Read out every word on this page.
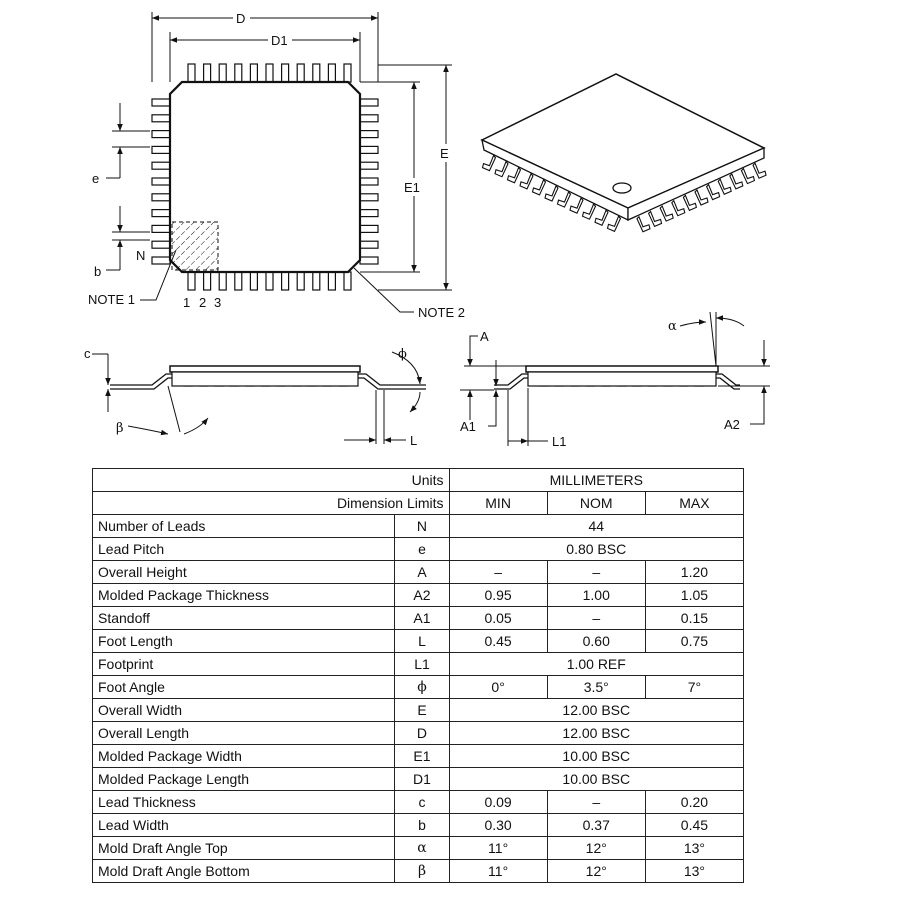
D
D1
E
E1
e
b
N
NOTE 1	1 2 3
NOTE 2
c
β
ϕ
L
A
A1
L1
α
A2
Units		MILLIMETERS		
Dimension Limits		MIN	NOM	MAX
Number of Leads	N	44		
Lead Pitch	e	0.80 BSC		
Overall Height	A	–	–	1.20
Molded Package Thickness	A2	0.95	1.00	1.05
Standoff	A1	0.05	–	0.15
Foot Length	L	0.45	0.60	0.75
Footprint	L1	1.00 REF		
Foot Angle	ϕ	0°	3.5°	7°
Overall Width	E	12.00 BSC		
Overall Length	D	12.00 BSC		
Molded Package Width	E1	10.00 BSC		
Molded Package Length	D1	10.00 BSC		
Lead Thickness	c	0.09	–	0.20
Lead Width	b	0.30	0.37	0.45
Mold Draft Angle Top	α	11°	12°	13°
Mold Draft Angle Bottom	β	11°	12°	13°
